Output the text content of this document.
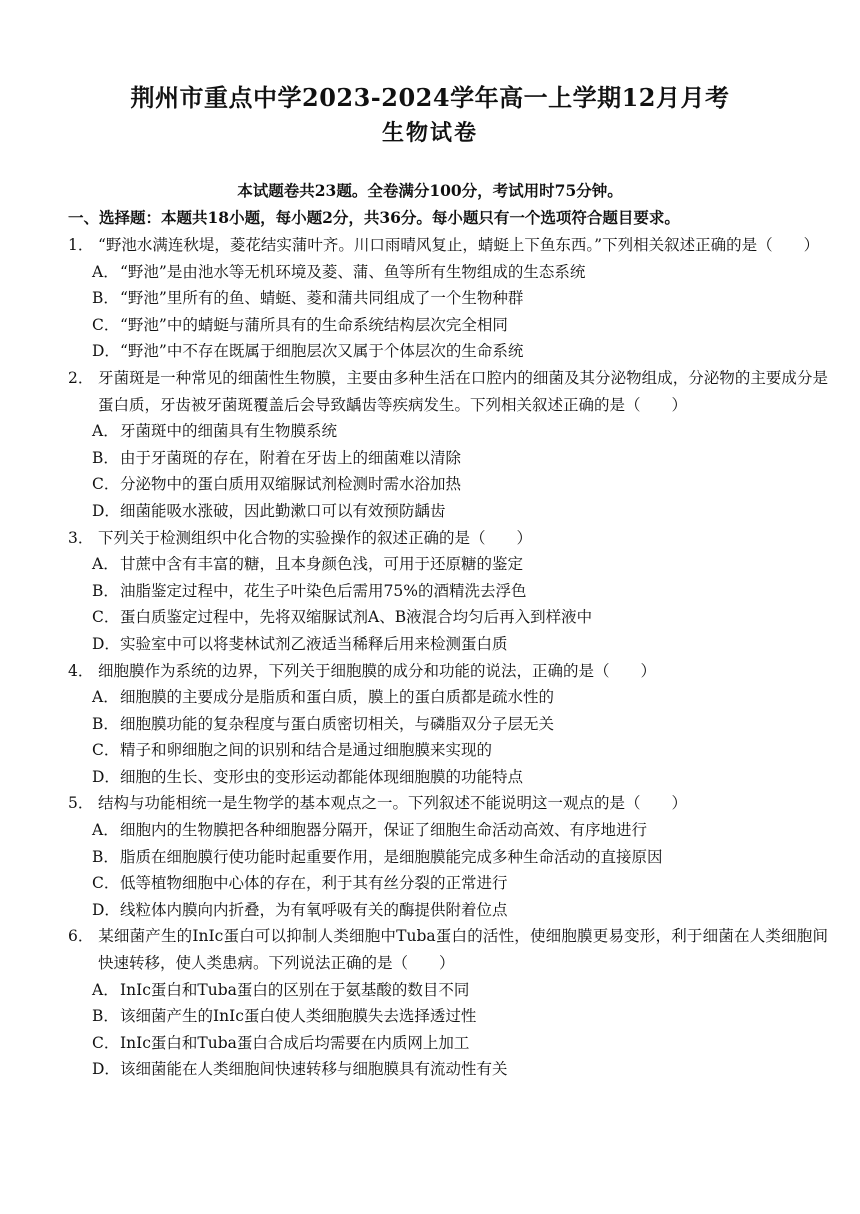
荆州市重点中学2023-2024学年高一上学期12月月考
生物试卷
本试题卷共23题。全卷满分100分，考试用时75分钟。
一、选择题：本题共18小题，每小题2分，共36分。每小题只有一个选项符合题目要求。
1． “野池水满连秋堤，菱花结实蒲叶齐。川口雨晴风复止，蜻蜓上下鱼东西。”下列相关叙述正确的是（　　）
A．“野池”是由池水等无机环境及菱、蒲、鱼等所有生物组成的生态系统
B．“野池”里所有的鱼、蜻蜓、菱和蒲共同组成了一个生物种群
C．“野池”中的蜻蜓与蒲所具有的生命系统结构层次完全相同
D．“野池”中不存在既属于细胞层次又属于个体层次的生命系统
2． 牙菌斑是一种常见的细菌性生物膜，主要由多种生活在口腔内的细菌及其分泌物组成，分泌物的主要成分是蛋白质，牙齿被牙菌斑覆盖后会导致龋齿等疾病发生。下列相关叙述正确的是（　　）
A．牙菌斑中的细菌具有生物膜系统
B．由于牙菌斑的存在，附着在牙齿上的细菌难以清除
C．分泌物中的蛋白质用双缩脲试剂检测时需水浴加热
D．细菌能吸水涨破，因此勤漱口可以有效预防龋齿
3． 下列关于检测组织中化合物的实验操作的叙述正确的是（　　）
A．甘蔗中含有丰富的糖，且本身颜色浅，可用于还原糖的鉴定
B．油脂鉴定过程中，花生子叶染色后需用75%的酒精洗去浮色
C．蛋白质鉴定过程中，先将双缩脲试剂A、B液混合均匀后再入到样液中
D．实验室中可以将斐林试剂乙液适当稀释后用来检测蛋白质
4． 细胞膜作为系统的边界，下列关于细胞膜的成分和功能的说法，正确的是（　　）
A．细胞膜的主要成分是脂质和蛋白质，膜上的蛋白质都是疏水性的
B．细胞膜功能的复杂程度与蛋白质密切相关，与磷脂双分子层无关
C．精子和卵细胞之间的识别和结合是通过细胞膜来实现的
D．细胞的生长、变形虫的变形运动都能体现细胞膜的功能特点
5． 结构与功能相统一是生物学的基本观点之一。下列叙述不能说明这一观点的是（　　）
A．细胞内的生物膜把各种细胞器分隔开，保证了细胞生命活动高效、有序地进行
B．脂质在细胞膜行使功能时起重要作用，是细胞膜能完成多种生命活动的直接原因
C．低等植物细胞中心体的存在，利于其有丝分裂的正常进行
D．线粒体内膜向内折叠，为有氧呼吸有关的酶提供附着位点
6． 某细菌产生的InIc蛋白可以抑制人类细胞中Tuba蛋白的活性，使细胞膜更易变形，利于细菌在人类细胞间快速转移，使人类患病。下列说法正确的是（　　）
A．InIc蛋白和Tuba蛋白的区别在于氨基酸的数目不同
B．该细菌产生的InIc蛋白使人类细胞膜失去选择透过性
C．InIc蛋白和Tuba蛋白合成后均需要在内质网上加工
D．该细菌能在人类细胞间快速转移与细胞膜具有流动性有关
